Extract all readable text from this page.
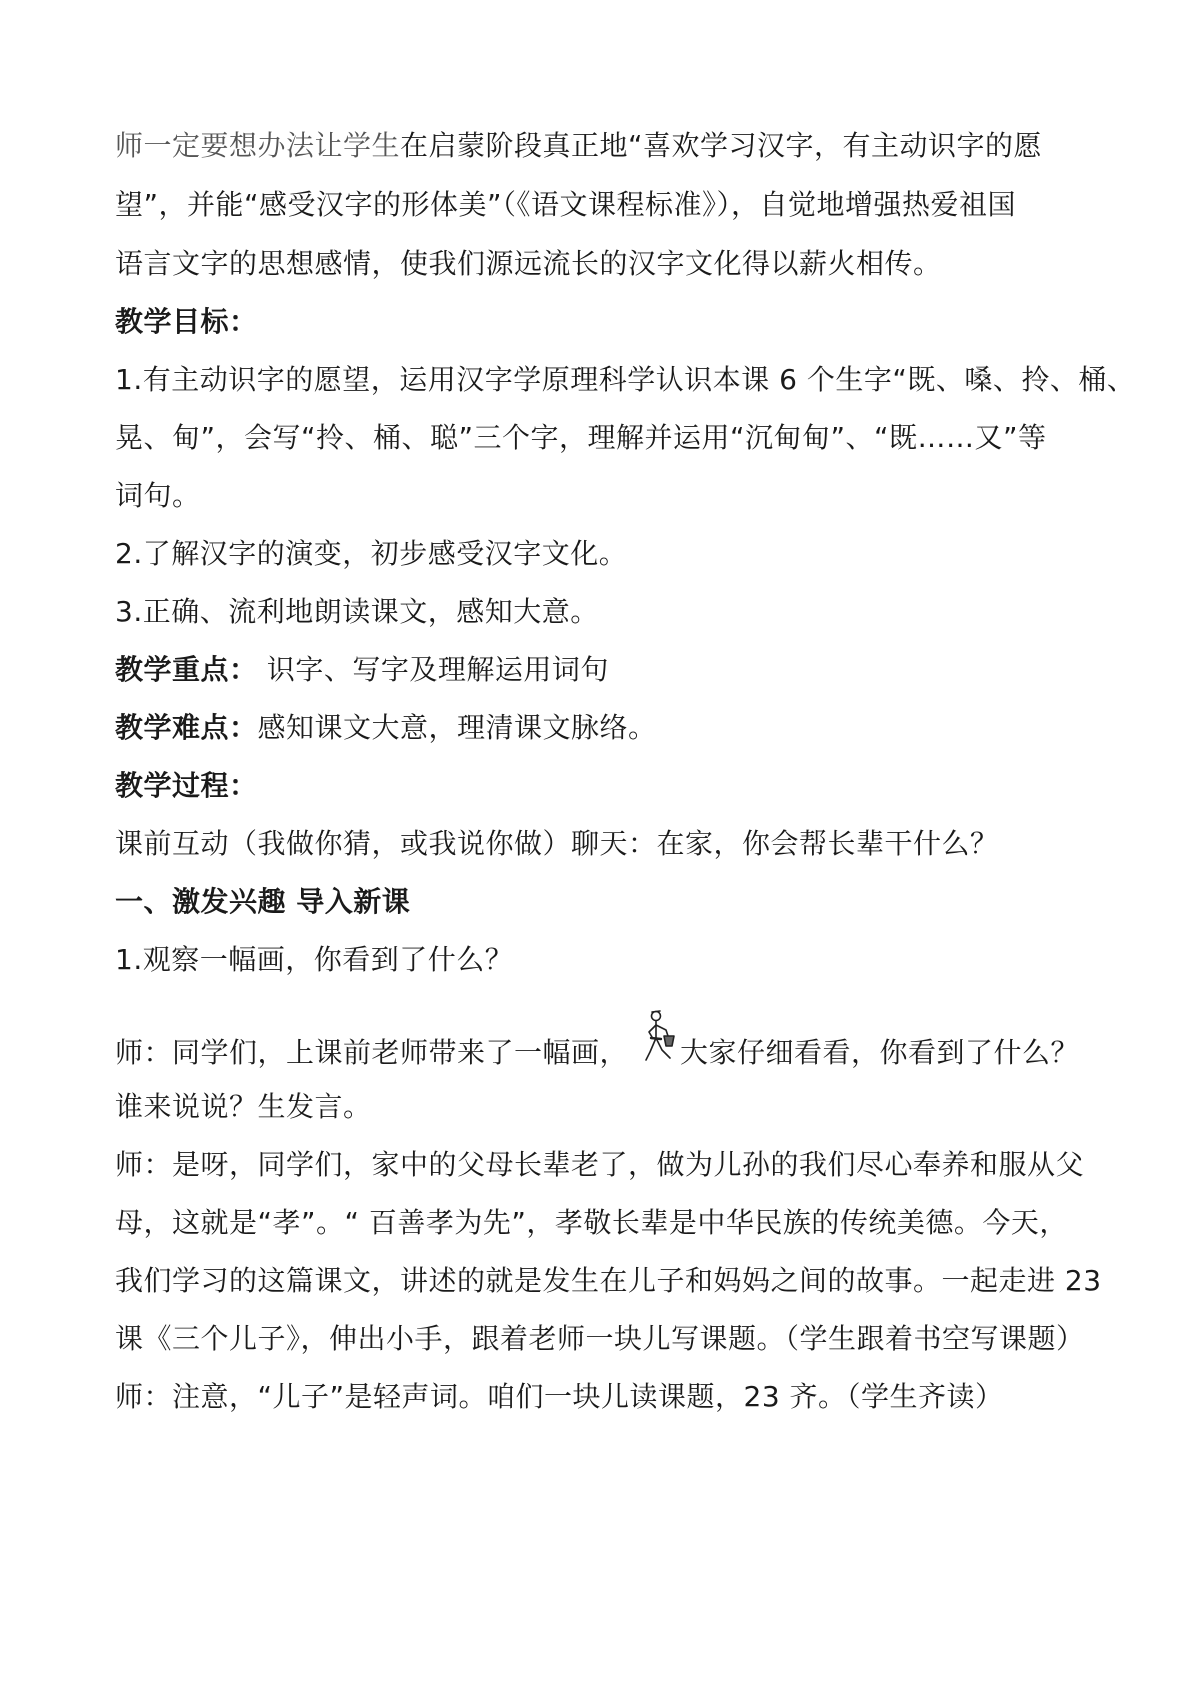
师一定要想办法让学生在启蒙阶段真正地“喜欢学习汉字，有主动识字的愿
望”，并能“感受汉字的形体美”（《语文课程标准》），自觉地增强热爱祖国
语言文字的思想感情，使我们源远流长的汉字文化得以薪火相传。
教学目标：
1.有主动识字的愿望，运用汉字学原理科学认识本课 6 个生字“既、嗓、拎、桶、
晃、甸”，会写“拎、桶、聪”三个字，理解并运用“沉甸甸”、“既……又”等
词句。
2.了解汉字的演变，初步感受汉字文化。
3.正确、流利地朗读课文，感知大意。
教学重点： 识字、写字及理解运用词句
教学难点：感知课文大意，理清课文脉络。
教学过程：
课前互动（我做你猜，或我说你做）聊天：在家，你会帮长辈干什么？
一、激发兴趣 导入新课
1.观察一幅画，你看到了什么？
师：同学们，上课前老师带来了一幅画， 大家仔细看看，你看到了什么？
谁来说说？生发言。
师：是呀，同学们，家中的父母长辈老了，做为儿孙的我们尽心奉养和服从父
母，这就是“孝”。“ 百善孝为先”，孝敬长辈是中华民族的传统美德。今天，
我们学习的这篇课文，讲述的就是发生在儿子和妈妈之间的故事。一起走进 23
课《三个儿子》，伸出小手，跟着老师一块儿写课题。（学生跟着书空写课题）
师：注意，“儿子”是轻声词。咱们一块儿读课题，23 齐。（学生齐读）
